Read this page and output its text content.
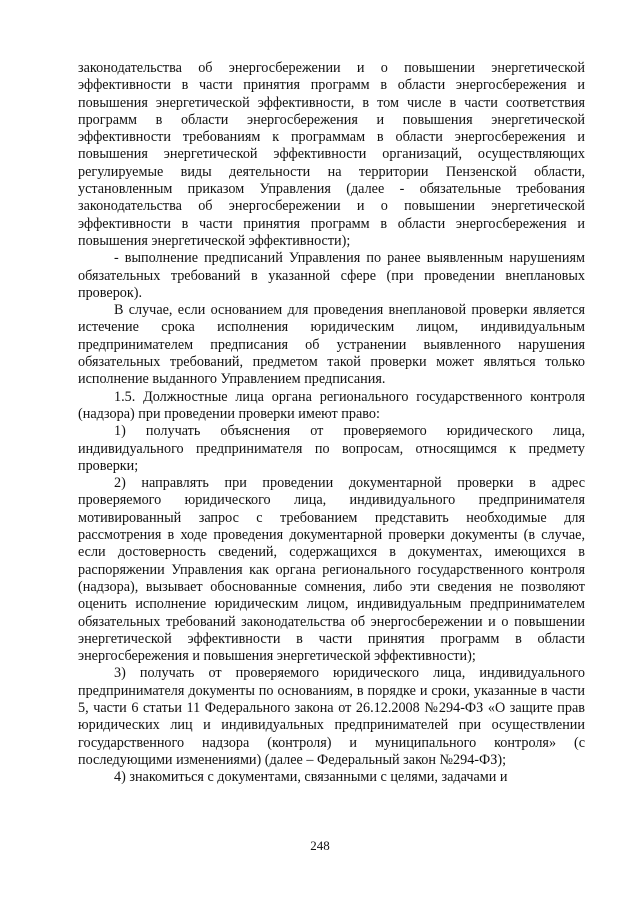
законодательства об энергосбережении и о повышении энергетической эффективности в части принятия программ в области энергосбережения и повышения энергетической эффективности, в том числе в части соответствия программ в области энергосбережения и повышения энергетической эффективности требованиям к программам в области энергосбережения и повышения энергетической эффективности организаций, осуществляющих регулируемые виды деятельности на территории Пензенской области, установленным приказом Управления (далее - обязательные требования законодательства об энергосбережении и о повышении энергетической эффективности в части принятия программ в области энергосбережения и повышения энергетической эффективности);

- выполнение предписаний Управления по ранее выявленным нарушениям обязательных требований в указанной сфере (при проведении внеплановых проверок).

В случае, если основанием для проведения внеплановой проверки является истечение срока исполнения юридическим лицом, индивидуальным предпринимателем предписания об устранении выявленного нарушения обязательных требований, предметом такой проверки может являться только исполнение выданного Управлением предписания.

1.5. Должностные лица органа регионального государственного контроля (надзора) при проведении проверки имеют право:

1) получать объяснения от проверяемого юридического лица, индивидуального предпринимателя по вопросам, относящимся к предмету проверки;

2) направлять при проведении документарной проверки в адрес проверяемого юридического лица, индивидуального предпринимателя мотивированный запрос с требованием представить необходимые для рассмотрения в ходе проведения документарной проверки документы (в случае, если достоверность сведений, содержащихся в документах, имеющихся в распоряжении Управления как органа регионального государственного контроля (надзора), вызывает обоснованные сомнения, либо эти сведения не позволяют оценить исполнение юридическим лицом, индивидуальным предпринимателем обязательных требований законодательства об энергосбережении и о повышении энергетической эффективности в части принятия программ в области энергосбережения и повышения энергетической эффективности);

3) получать от проверяемого юридического лица, индивидуального предпринимателя документы по основаниям, в порядке и сроки, указанные в части 5, части 6 статьи 11 Федерального закона от 26.12.2008 №294-ФЗ «О защите прав юридических лиц и индивидуальных предпринимателей при осуществлении государственного надзора (контроля) и муниципального контроля» (с последующими изменениями) (далее – Федеральный закон №294-ФЗ);

4) знакомиться с документами, связанными с целями, задачами и

248
